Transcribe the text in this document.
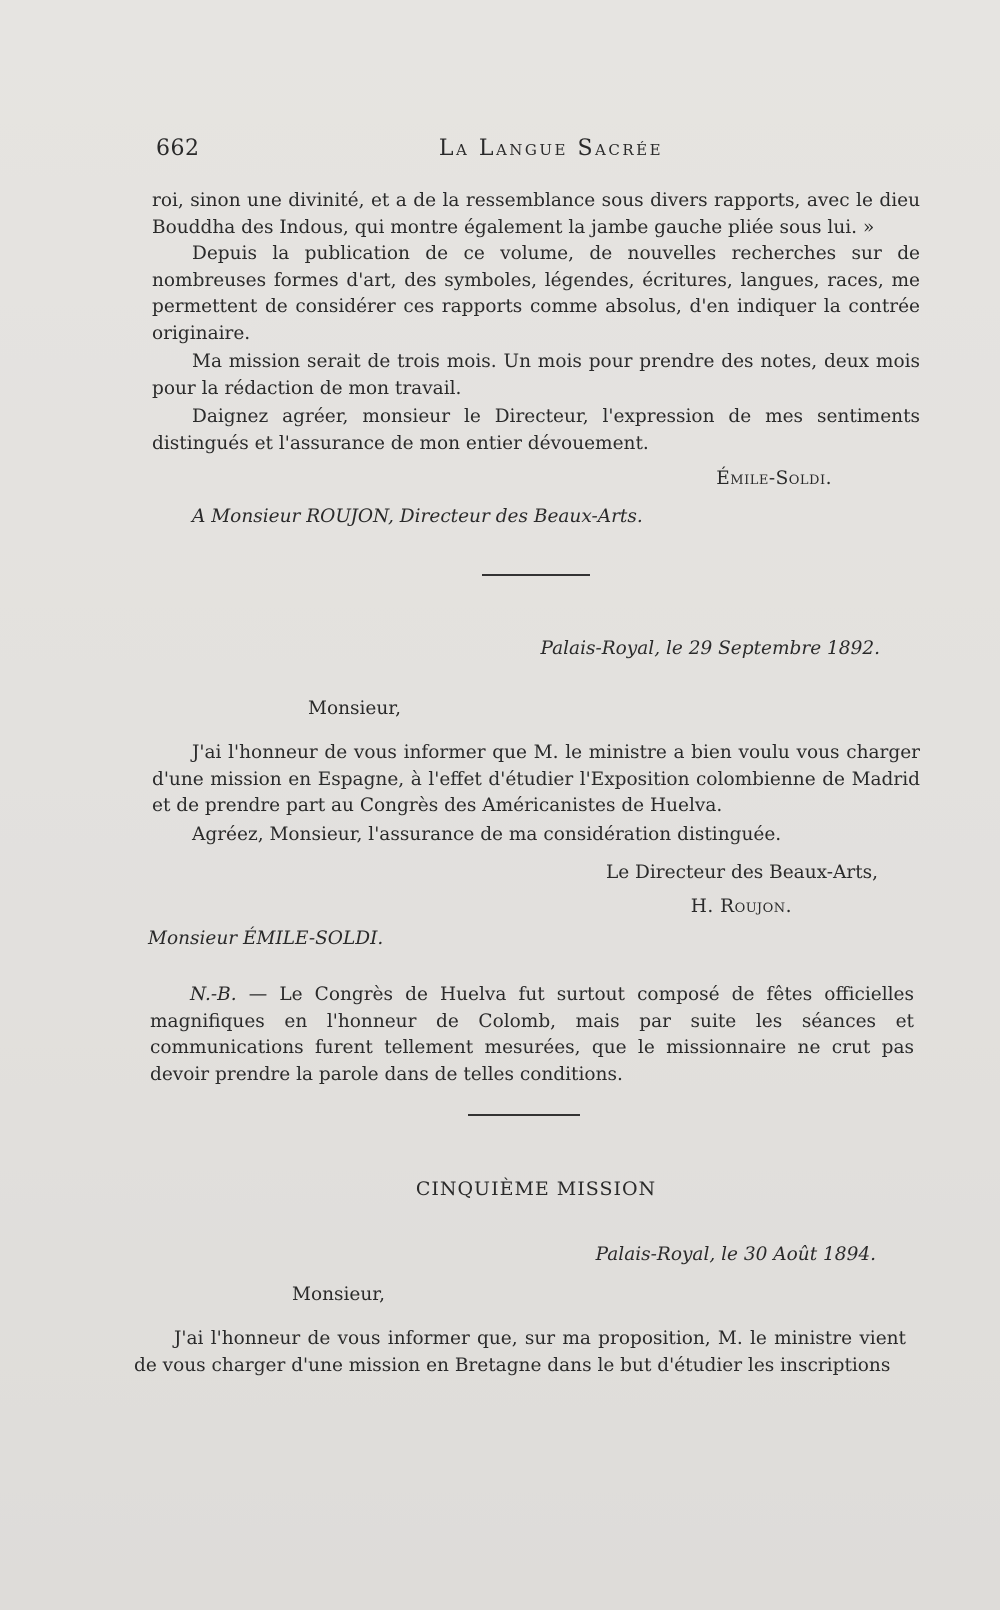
662	La Langue Sacrée

roi, sinon une divinité, et a de la ressemblance sous divers rapports, avec le dieu Bouddha des Indous, qui montre également la jambe gauche pliée sous lui. »

Depuis la publication de ce volume, de nouvelles recherches sur de nombreuses formes d'art, des symboles, légendes, écritures, langues, races, me permettent de considérer ces rapports comme absolus, d'en indiquer la contrée originaire.

Ma mission serait de trois mois. Un mois pour prendre des notes, deux mois pour la rédaction de mon travail.

Daignez agréer, monsieur le Directeur, l'expression de mes sentiments distingués et l'assurance de mon entier dévouement.

Émile-Soldi.
A Monsieur ROUJON, Directeur des Beaux-Arts.
Palais-Royal, le 29 Septembre 1892.
Monsieur,

J'ai l'honneur de vous informer que M. le ministre a bien voulu vous charger d'une mission en Espagne, à l'effet d'étudier l'Exposition colombienne de Madrid et de prendre part au Congrès des Américanistes de Huelva.

Agréez, Monsieur, l'assurance de ma considération distinguée.

Le Directeur des Beaux-Arts,
H. Roujon.
Monsieur ÉMILE-SOLDI.

N.-B. — Le Congrès de Huelva fut surtout composé de fêtes officielles magnifiques en l'honneur de Colomb, mais par suite les séances et communications furent tellement mesurées, que le missionnaire ne crut pas devoir prendre la parole dans de telles conditions.

CINQUIÈME MISSION
Palais-Royal, le 30 Août 1894.
Monsieur,

J'ai l'honneur de vous informer que, sur ma proposition, M. le ministre vient de vous charger d'une mission en Bretagne dans le but d'étudier les inscriptions
